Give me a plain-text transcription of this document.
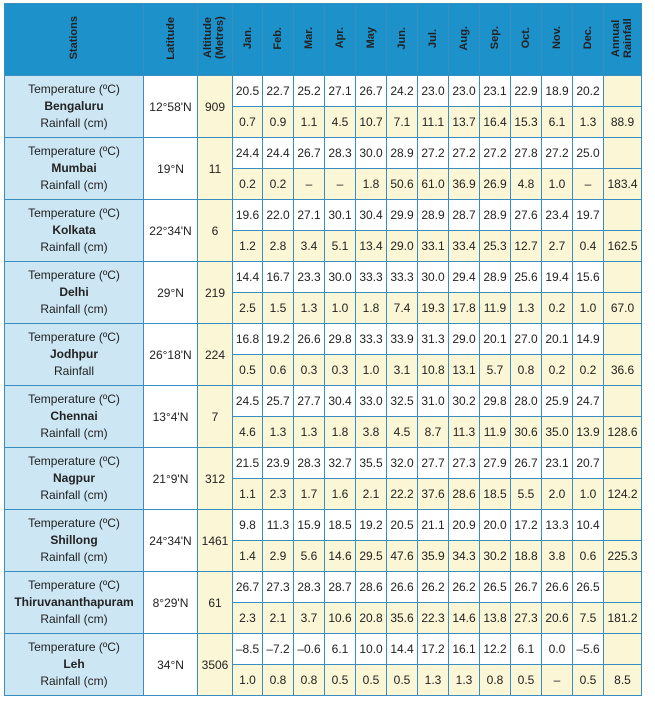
Stations	Latitude	Altitude (Metres)	Jan.	Feb.	Mar.	Apr.	May	Jun.	Jul.	Aug.	Sep.	Oct.	Nov.	Dec.	Annual Rainfall

Temperature (ºC)
Bengaluru
Rainfall (cm)	12°58'N	909	20.5	22.7	25.2	27.1	26.7	24.2	23.0	23.0	23.1	22.9	18.9	20.2	
			0.7	0.9	1.1	4.5	10.7	7.1	11.1	13.7	16.4	15.3	6.1	1.3	88.9

Temperature (ºC)
Mumbai
Rainfall (cm)	19°N	11	24.4	24.4	26.7	28.3	30.0	28.9	27.2	27.2	27.2	27.8	27.2	25.0	
			0.2	0.2	–	–	1.8	50.6	61.0	36.9	26.9	4.8	1.0	–	183.4

Temperature (ºC)
Kolkata
Rainfall (cm)	22°34'N	6	19.6	22.0	27.1	30.1	30.4	29.9	28.9	28.7	28.9	27.6	23.4	19.7	
			1.2	2.8	3.4	5.1	13.4	29.0	33.1	33.4	25.3	12.7	2.7	0.4	162.5

Temperature (ºC)
Delhi
Rainfall (cm)	29°N	219	14.4	16.7	23.3	30.0	33.3	33.3	30.0	29.4	28.9	25.6	19.4	15.6	
			2.5	1.5	1.3	1.0	1.8	7.4	19.3	17.8	11.9	1.3	0.2	1.0	67.0

Temperature (ºC)
Jodhpur
Rainfall	26°18'N	224	16.8	19.2	26.6	29.8	33.3	33.9	31.3	29.0	20.1	27.0	20.1	14.9	
			0.5	0.6	0.3	0.3	1.0	3.1	10.8	13.1	5.7	0.8	0.2	0.2	36.6

Temperature (ºC)
Chennai
Rainfall (cm)	13°4'N	7	24.5	25.7	27.7	30.4	33.0	32.5	31.0	30.2	29.8	28.0	25.9	24.7	
			4.6	1.3	1.3	1.8	3.8	4.5	8.7	11.3	11.9	30.6	35.0	13.9	128.6

Temperature (ºC)
Nagpur
Rainfall (cm)	21°9'N	312	21.5	23.9	28.3	32.7	35.5	32.0	27.7	27.3	27.9	26.7	23.1	20.7	
			1.1	2.3	1.7	1.6	2.1	22.2	37.6	28.6	18.5	5.5	2.0	1.0	124.2

Temperature (ºC)
Shillong
Rainfall (cm)	24°34'N	1461	9.8	11.3	15.9	18.5	19.2	20.5	21.1	20.9	20.0	17.2	13.3	10.4	
			1.4	2.9	5.6	14.6	29.5	47.6	35.9	34.3	30.2	18.8	3.8	0.6	225.3

Temperature (ºC)
Thiruvananthapuram
Rainfall (cm)	8°29'N	61	26.7	27.3	28.3	28.7	28.6	26.6	26.2	26.2	26.5	26.7	26.6	26.5	
			2.3	2.1	3.7	10.6	20.8	35.6	22.3	14.6	13.8	27.3	20.6	7.5	181.2

Temperature (ºC)
Leh
Rainfall (cm)	34°N	3506	–8.5	–7.2	–0.6	6.1	10.0	14.4	17.2	16.1	12.2	6.1	0.0	–5.6	
			1.0	0.8	0.8	0.5	0.5	0.5	1.3	1.3	0.8	0.5	–	0.5	8.5
